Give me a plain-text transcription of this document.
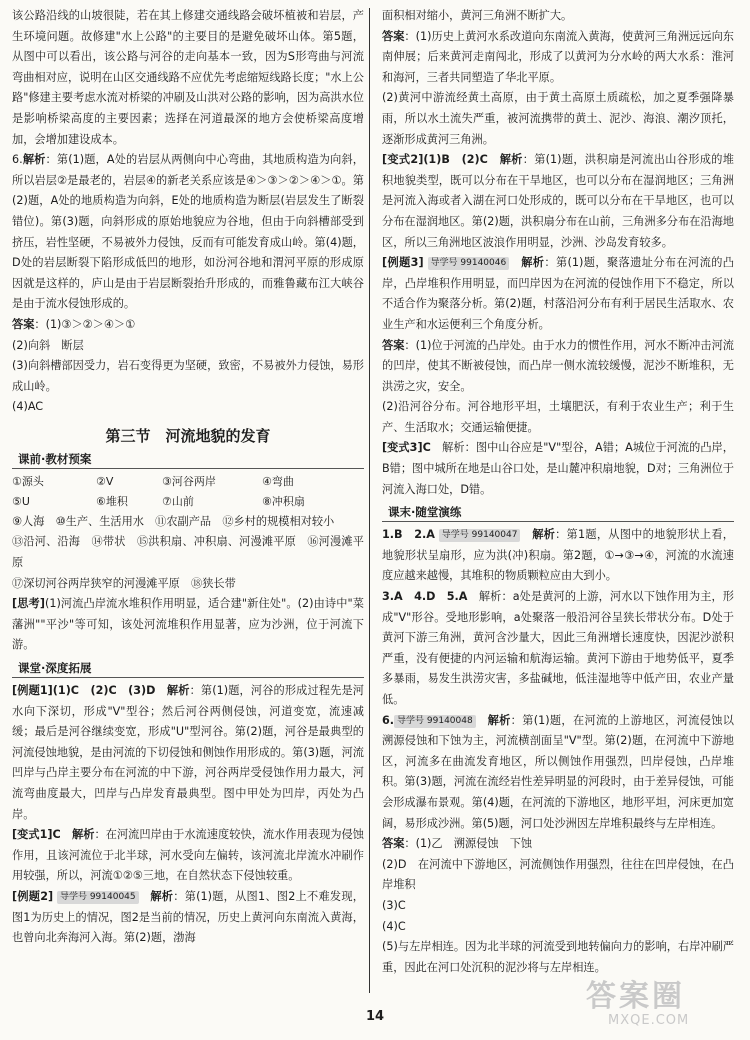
该公路沿线的山坡很陡，若在其上修建交通线路会破坏植被和岩层，产生环境问题。故修建"水上公路"的主要目的是避免破坏山体。第5题，从图中可以看出，该公路与河谷的走向基本一致，因为S形弯曲与河流弯曲相对应，说明在山区交通线路不应优先考虑缩短线路长度；"水上公路"修建主要考虑水流对桥梁的冲刷及山洪对公路的影响，因为高洪水位是影响桥梁高度的主要因素；选择在河道最深的地方会使桥梁高度增加，会增加建设成本。

6.解析：第(1)题，A处的岩层从两侧向中心弯曲，其地质构造为向斜，所以岩层②是最老的，岩层④的新老关系应该是④＞③＞②＞④＞①。第(2)题，A处的地质构造为向斜，E处的地质构造为断层(岩层发生了断裂错位)。第(3)题，向斜形成的原始地貌应为谷地，但由于向斜槽部受到挤压，岩性坚硬，不易被外力侵蚀，反而有可能发育成山岭。第(4)题，D处的岩层断裂下陷形成低凹的地形，如汾河谷地和渭河平原的形成原因就是这样的，庐山是由于岩层断裂抬升形成的，而雅鲁藏布江大峡谷是由于流水侵蚀形成的。

答案：(1)③＞②＞④＞①

(2)向斜　断层

(3)向斜槽部因受力，岩石变得更为坚硬，致密，不易被外力侵蚀，易形成山岭。

(4)AC

第三节　河流地貌的发育
课前·教材预案
①源头	②V	③河谷两岸	④弯曲
⑤U	⑥堆积	⑦山前	⑧冲积扇

⑨人海　 ⑩生产、生活用水　 ⑪农副产品　 ⑫乡村的规模相对较小

⑬沿河、沿海　 ⑭带状　 ⑮洪积扇、冲积扇、河漫滩平原　 ⑯河漫滩平原

⑰深切河谷两岸狭窄的河漫滩平原　 ⑱狭长带

[思考](1)河流凸岸流水堆积作用明显，适合建"新住处"。(2)由诗中"菜藩洲""平沙"等可知，该处河流堆积作用显著，应为沙洲，位于河流下游。

课堂·深度拓展

[例题1](1)C　(2)C　(3)D　 解析：第(1)题，河谷的形成过程先是河水向下深切，形成"V"型谷；然后河谷两侧侵蚀，河道变宽，流速减缓；最后是河谷继续变宽，形成"U"型河谷。第(2)题，河谷是最典型的河流侵蚀地貌，是由河流的下切侵蚀和侧蚀作用形成的。第(3)题，河流凹岸与凸岸主要分布在河流的中下游，河谷两岸受侵蚀作用力最大，河流弯曲度最大，凹岸与凸岸发育最典型。图中甲处为凹岸，丙处为凸岸。

[变式1]C　 解析：在河流凹岸由于水流速度较快，流水作用表现为侵蚀作用，且该河流位于北半球，河水受向左偏转，该河流北岸流水冲刷作用较强，所以，河流①②⑤三地，在自然状态下侵蚀较重。

[例题2] 导学号 99140045　 解析：第(1)题，从图1、图2上不难发现，图1为历史上的情况，图2是当前的情况，历史上黄河向东南流入黄海，也曾向北奔海河入海。第(2)题，渤海

面积相对缩小，黄河三角洲不断扩大。

答案：(1)历史上黄河水系改道向东南流入黄海，使黄河三角洲远远向东南伸展；后来黄河走南闯北，形成了以黄河为分水岭的两大水系：淮河和海河，三者共同塑造了华北平原。

(2)黄河中游流经黄土高原，由于黄土高原土质疏松，加之夏季强降暴雨，所以水土流失严重，被河流携带的黄土、泥沙、海浪、潮汐顶托，逐渐形成黄河三角洲。

[变式2](1)B　(2)C　 解析：第(1)题，洪积扇是河流出山谷形成的堆积地貌类型，既可以分布在干旱地区，也可以分布在湿润地区；三角洲是河流入海或者入湖在河口处形成的，既可以分布在干旱地区，也可以分布在湿润地区。第(2)题，洪积扇分布在山前，三角洲多分布在沿海地区，所以三角洲地区波浪作用明显，沙洲、沙岛发育较多。

[例题3] 导学号 99140046　 解析：第(1)题，聚落遗址分布在河流的凸岸，凸岸堆积作用明显，而凹岸因为在河流的侵蚀作用下不稳定，所以不适合作为聚落分析。第(2)题，村落沿河分布有利于居民生活取水、农业生产和水运便利三个角度分析。

答案：(1)位于河流的凸岸处。由于水力的惯性作用，河水不断冲击河流的凹岸，使其不断被侵蚀，而凸岸一侧水流较缓慢，泥沙不断堆积，无洪涝之灾，安全。

(2)沿河谷分布。河谷地形平坦，土壤肥沃，有利于农业生产；利于生产、生活取水；交通运输便捷。

[变式3]C　 解析：图中山谷应是"V"型谷，A错；A城位于河流的凸岸，B错；图中城所在地是山谷口处，是山麓冲积扇地貌，D对；三角洲位于河流入海口处，D错。

课末·随堂演练

1.B　2.A 导学号 99140047　 解析：第1题，从图中的地貌形状上看，地貌形状呈扇形，应为洪(冲)积扇。第2题，①→③→④，河流的水流速度应越来越慢，其堆积的物质颗粒应由大到小。

3.A　4.D　5.A　 解析：a处是黄河的上游，河水以下蚀作用为主，形成"V"形谷。受地形影响，a处聚落一般沿河谷呈狭长带状分布。D处于黄河下游三角洲，黄河含沙量大，因此三角洲增长速度快，因泥沙淤积严重，没有便捷的内河运输和航海运输。黄河下游由于地势低平，夏季多暴雨，易发生洪涝灾害，多盐碱地，低洼湿地等中低产田，农业产量低。

6. 导学号 99140048　 解析：第(1)题，在河流的上游地区，河流侵蚀以溯源侵蚀和下蚀为主，河流横剖面呈"V"型。第(2)题，在河流中下游地区，河流多在曲流发育地区，所以侧蚀作用强烈，凹岸侵蚀，凸岸堆积。第(3)题，河流在流经岩性差异明显的河段时，由于差异侵蚀，可能会形成瀑布景观。第(4)题，在河流的下游地区，地形平坦，河床更加宽阔，易形成沙洲。第(5)题，河口处沙洲因左岸堆积最终与左岸相连。

答案：(1)乙　溯源侵蚀　下蚀

(2)D　在河流中下游地区，河流侧蚀作用强烈，往往在凹岸侵蚀，在凸岸堆积

(3)C

(4)C

(5)与左岸相连。因为北半球的河流受到地转偏向力的影响，右岸冲刷严重，因此在河口处沉积的泥沙将与左岸相连。

14
答案圈
MXQE.COM
